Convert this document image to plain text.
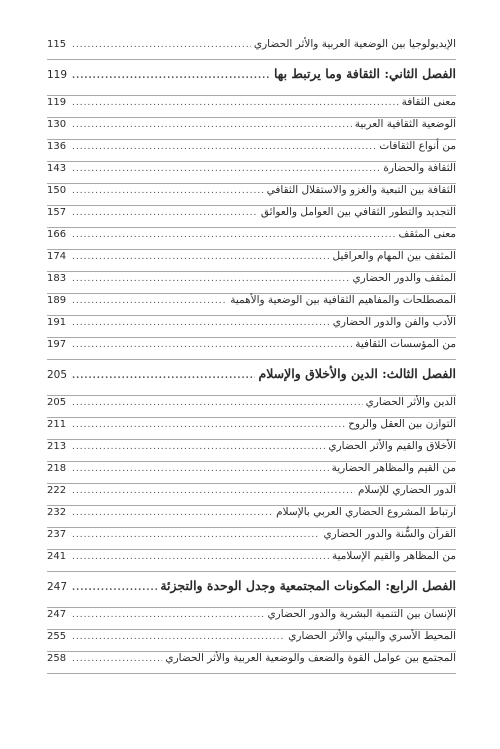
الإيديولوجيا بين الوضعية العربية والأثر الحضاري
.....
115
الفصل الثاني: الثقافة وما يرتبط بها
.....
119
معنى الثقافة
.....
119
الوضعية الثقافية العربية
.....
130
من أنواع الثقافات
.....
136
الثقافة والحضارة
.....
143
الثقافة بين التبعية والغزو والاستقلال الثقافي
.....
150
التجديد والتطور الثقافي بين العوامل والعوائق
.....
157
معنى المثقف
.....
166
المثقف بين المهام والعراقيل
.....
174
المثقف والدور الحضاري
.....
183
المصطلحات والمفاهيم الثقافية بين الوضعية والأهمية
.....
189
الأدب والفن والدور الحضاري
.....
191
من المؤسسات الثقافية
.....
197
الفصل الثالث: الدين والأخلاق والإسلام
.....
205
الدين والأثر الحضاري
.....
205
التوازن بين العقل والروح
.....
211
الأخلاق والقيم والأثر الحضاري
.....
213
من القيم والمظاهر الحضارية
.....
218
الدور الحضاري للإسلام
.....
222
ارتباط المشروع الحضاري العربي بالإسلام
.....
232
القرآن والسُّنة والدور الحضاري
.....
237
من المظاهر والقيم الإسلامية
.....
241
الفصل الرابع: المكونات المجتمعية وجدل الوحدة والتجزئة
.....
247
الإنسان بين التنمية البشرية والدور الحضاري
.....
247
المحيط الأسري والبيئي والأثر الحضاري
.....
255
المجتمع بين عوامل القوة والضعف والوضعية العربية والأثر الحضاري
.....
258
